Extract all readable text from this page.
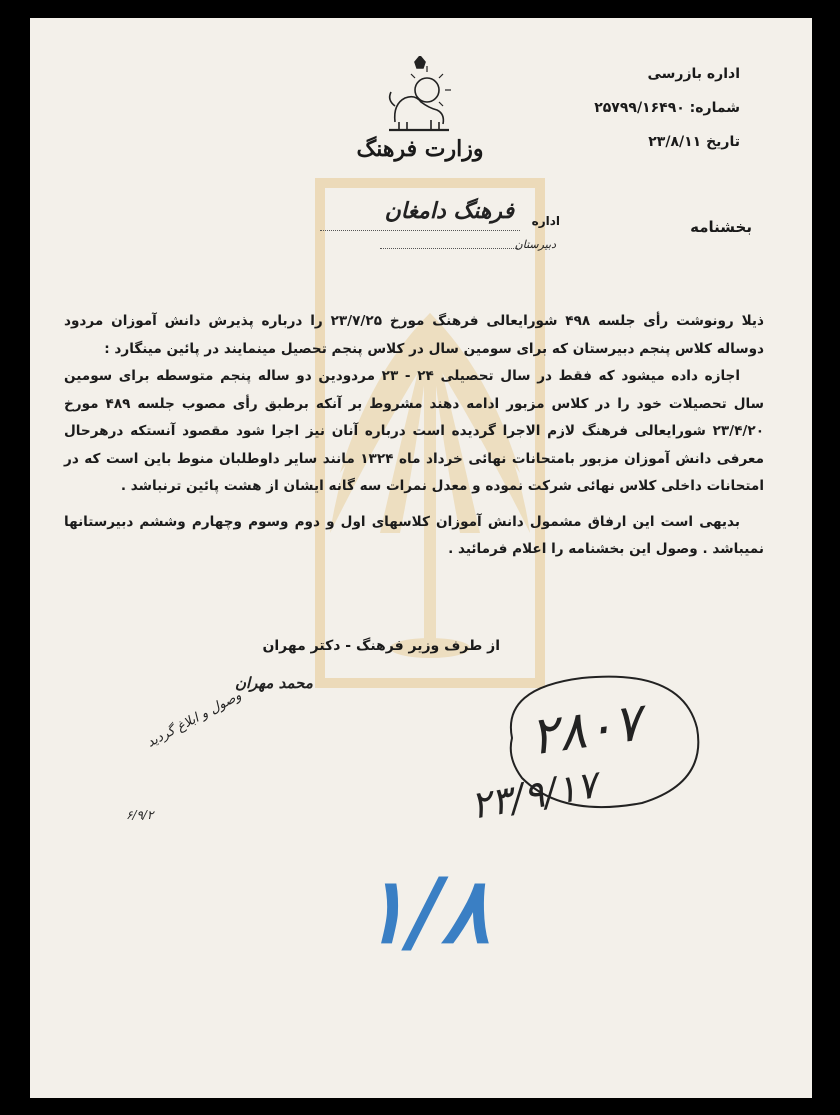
وزارت فرهنگ
اداره بازرسی
شماره: ۲۵۷۹۹/۱۶۴۹۰
تاریخ ۲۳/۸/۱۱
بخشنامه
اداره
فرهنگ دامغان
دبیرستان

ذیلا رونوشت رأی جلسه ۴۹۸ شورایعالی فرهنگ مورخ ۲۳/۷/۲۵ را درباره پذیرش دانش آموزان مردود دوساله کلاس پنجم دبیرستان که برای سومین سال در کلاس پنجم تحصیل مینمایند در پائین مینگارد :

اجازه داده میشود که فقط در سال تحصیلی ۲۴ - ۲۳ مردودین دو ساله پنجم متوسطه برای سومین سال تحصیلات خود را در کلاس مزبور ادامه دهند مشروط بر آنکه برطبق رأی مصوب جلسه ۴۸۹ مورخ ۲۳/۴/۲۰ شورایعالی فرهنگ لازم الاجرا گردیده است درباره آنان نیز اجرا شود مقصود آنستکه درهرحال معرفی دانش آموزان مزبور بامتحانات نهائی خرداد ماه ۱۳۲۴ مانند سایر داوطلبان منوط باین است که در امتحانات داخلی کلاس نهائی شرکت نموده و معدل نمرات سه گانه ایشان از هشت پائین ترنباشد .

بدیهی است این ارفاق مشمول دانش آموزان کلاسهای اول و دوم وسوم وچهارم وششم دبیرستانها نمیباشد . وصول این بخشنامه را اعلام فرمائید .

از طرف وزیر فرهنگ - دکتر مهران
محمد مهران
وصول و ابلاغ گردید
۶/۹/۲
۲۸۰۷
۲۳/۹/۱۷
۱/۸
